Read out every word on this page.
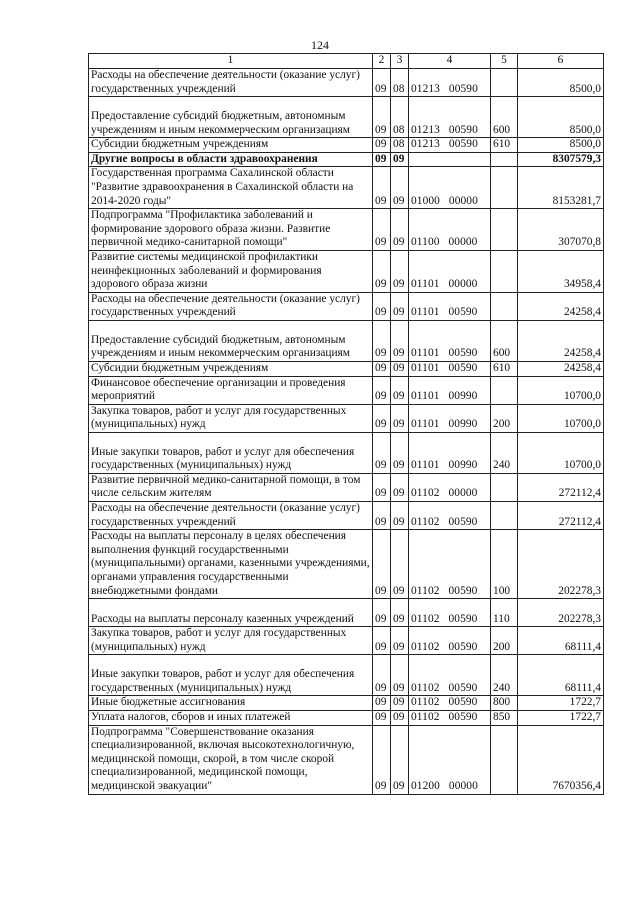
124
1	2	3	4	5	6
Расходы на обеспечение деятельности (оказание услуг) государственных учреждений	09	08	01213 00590		8500,0
Предоставление субсидий бюджетным, автономным учреждениям и иным некоммерческим организациям	09	08	01213 00590	600	8500,0
Субсидии бюджетным учреждениям	09	08	01213 00590	610	8500,0
Другие вопросы в области здравоохранения	09	09			8307579,3
Государственная программа Сахалинской области "Развитие здравоохранения в Сахалинской области на 2014-2020 годы"	09	09	01000 00000		8153281,7
Подпрограмма "Профилактика заболеваний и формирование здорового образа жизни. Развитие первичной медико-санитарной помощи"	09	09	01100 00000		307070,8
Развитие системы медицинской профилактики неинфекционных заболеваний и формирования здорового образа жизни	09	09	01101 00000		34958,4
Расходы на обеспечение деятельности (оказание услуг) государственных учреждений	09	09	01101 00590		24258,4
Предоставление субсидий бюджетным, автономным учреждениям и иным некоммерческим организациям	09	09	01101 00590	600	24258,4
Субсидии бюджетным учреждениям	09	09	01101 00590	610	24258,4
Финансовое обеспечение организации и проведения мероприятий	09	09	01101 00990		10700,0
Закупка товаров, работ и услуг для государственных (муниципальных) нужд	09	09	01101 00990	200	10700,0
Иные закупки товаров, работ и услуг для обеспечения государственных (муниципальных) нужд	09	09	01101 00990	240	10700,0
Развитие первичной медико-санитарной помощи, в том числе сельским жителям	09	09	01102 00000		272112,4
Расходы на обеспечение деятельности (оказание услуг) государственных учреждений	09	09	01102 00590		272112,4
Расходы на выплаты персоналу в целях обеспечения выполнения функций государственными (муниципальными) органами, казенными учреждениями, органами управления государственными внебюджетными фондами	09	09	01102 00590	100	202278,3
Расходы на выплаты персоналу казенных учреждений	09	09	01102 00590	110	202278,3
Закупка товаров, работ и услуг для государственных (муниципальных) нужд	09	09	01102 00590	200	68111,4
Иные закупки товаров, работ и услуг для обеспечения государственных (муниципальных) нужд	09	09	01102 00590	240	68111,4
Иные бюджетные ассигнования	09	09	01102 00590	800	1722,7
Уплата налогов, сборов и иных платежей	09	09	01102 00590	850	1722,7
Подпрограмма "Совершенствование оказания специализированной, включая высокотехнологичную, медицинской помощи, скорой, в том числе скорой специализированной, медицинской помощи, медицинской эвакуации"	09	09	01200 00000		7670356,4
